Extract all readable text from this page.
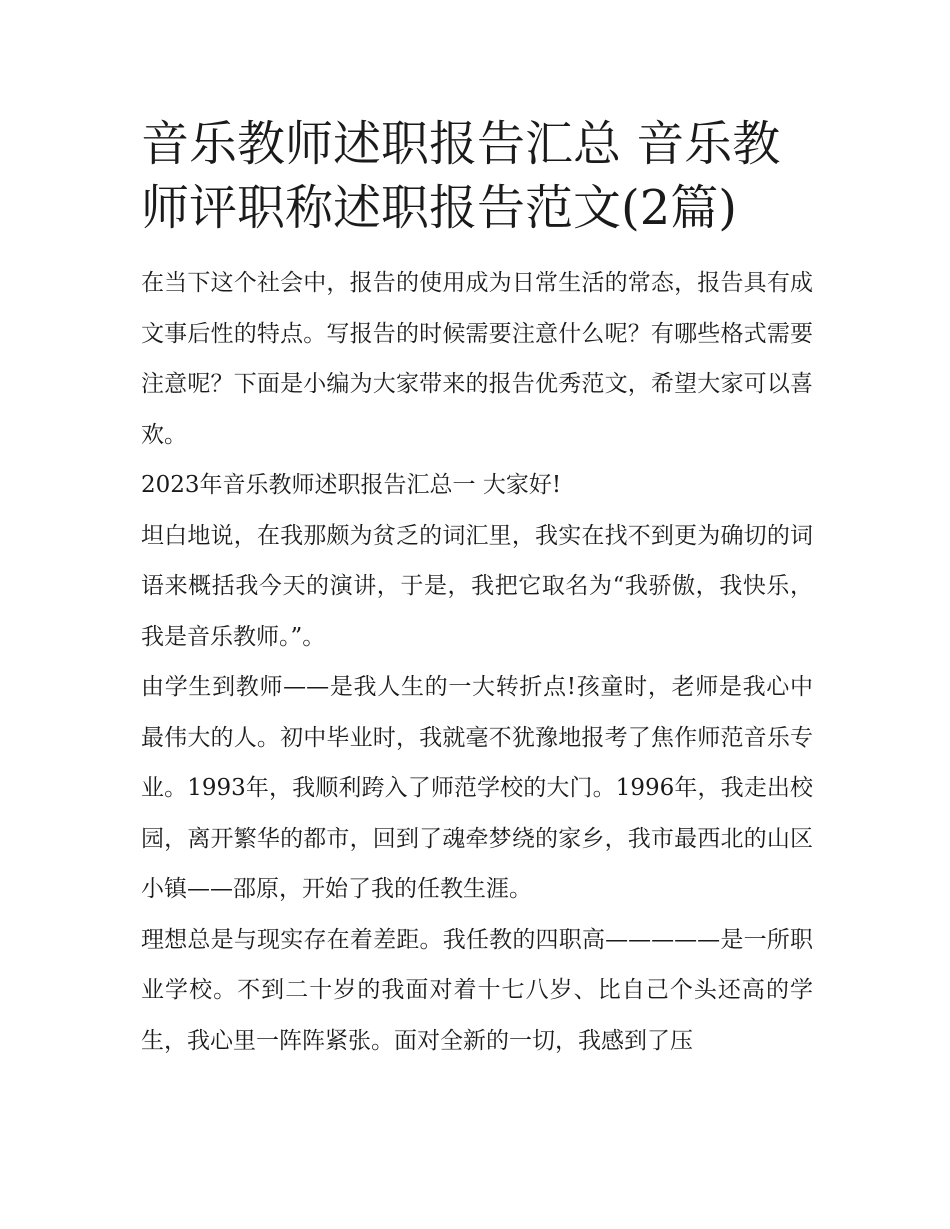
音乐教师述职报告汇总 音乐教师评职称述职报告范文(2篇)

在当下这个社会中，报告的使用成为日常生活的常态，报告具有成文事后性的特点。写报告的时候需要注意什么呢？有哪些格式需要注意呢？下面是小编为大家带来的报告优秀范文，希望大家可以喜欢。

2023年音乐教师述职报告汇总一 大家好!

坦白地说，在我那颇为贫乏的词汇里，我实在找不到更为确切的词语来概括我今天的演讲，于是，我把它取名为“我骄傲，我快乐，我是音乐教师。”。

由学生到教师——是我人生的一大转折点!孩童时，老师是我心中最伟大的人。初中毕业时，我就毫不犹豫地报考了焦作师范音乐专业。1993年，我顺利跨入了师范学校的大门。1996年，我走出校园，离开繁华的都市，回到了魂牵梦绕的家乡，我市最西北的山区小镇——邵原，开始了我的任教生涯。

理想总是与现实存在着差距。我任教的四职高—————是一所职业学校。不到二十岁的我面对着十七八岁、比自己个头还高的学生，我心里一阵阵紧张。面对全新的一切，我感到了压
